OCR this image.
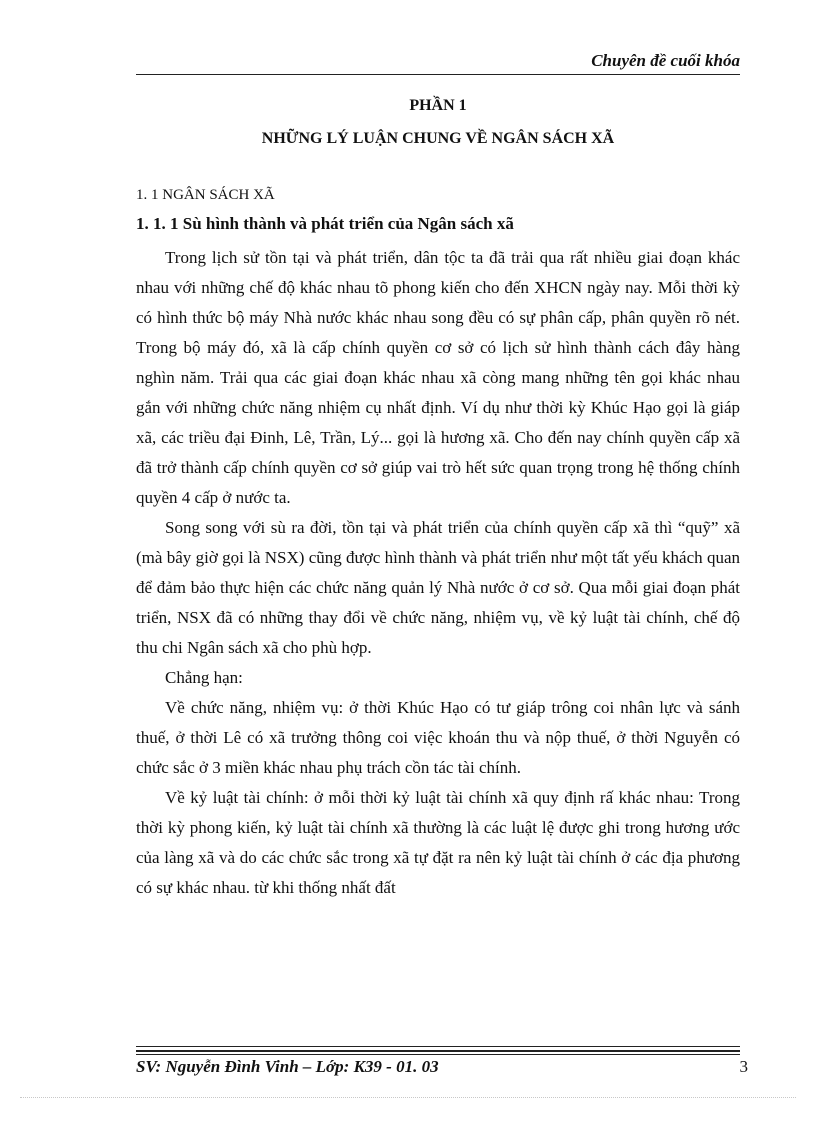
Chuyên đề cuối khóa
PHẦN 1
NHỮNG LÝ LUẬN CHUNG VỀ NGÂN SÁCH XÃ
1. 1 NGÂN SÁCH XÃ
1. 1. 1 Sù hình thành và phát triển của Ngân sách xã

Trong lịch sử tồn tại và phát triển, dân tộc ta đã trải qua rất nhiều giai đoạn khác nhau với những chế độ khác nhau tõ phong kiến cho đến XHCN ngày nay. Mỗi thời kỳ có hình thức bộ máy Nhà nước khác nhau song đều có sự phân cấp, phân quyền rõ nét. Trong bộ máy đó, xã là cấp chính quyền cơ sở có lịch sử hình thành cách đây hàng nghìn năm. Trải qua các giai đoạn khác nhau xã còng mang những tên gọi khác nhau gắn với những chức năng nhiệm cụ nhất định. Ví dụ như thời kỳ Khúc Hạo gọi là giáp xã, các triều đại Đinh, Lê, Trần, Lý... gọi là hương xã. Cho đến nay chính quyền cấp xã đã trở thành cấp chính quyền cơ sở giúp vai trò hết sức quan trọng trong hệ thống chính quyền 4 cấp ở nước ta.

Song song với sù ra đời, tồn tại và phát triển của chính quyền cấp xã thì “quỹ” xã (mà bây giờ gọi là NSX) cũng được hình thành và phát triển như một tất yếu khách quan để đảm bảo thực hiện các chức năng quản lý Nhà nước ở cơ sở. Qua mỗi giai đoạn phát triển, NSX đã có những thay đổi về chức năng, nhiệm vụ, về kỷ luật tài chính, chế độ thu chi Ngân sách xã cho phù hợp.

Chẳng hạn:

Về chức năng, nhiệm vụ: ở thời Khúc Hạo có tư giáp trông coi nhân lực và sánh thuế, ở thời Lê có xã trưởng thông coi việc khoán thu và nộp thuế, ở thời Nguyễn có chức sắc ở 3 miền khác nhau phụ trách cồn tác tài chính.

Về kỷ luật tài chính: ở mỗi thời kỷ luật tài chính xã quy định rấ khác nhau: Trong thời kỳ phong kiến, kỷ luật tài chính xã thường là các luật lệ được ghi trong hương ước của làng xã và do các chức sắc trong xã tự đặt ra nên kỷ luật tài chính ở các địa phương có sự khác nhau. từ khi thống nhất đất

SV: Nguyễn Đình Vinh – Lớp: K39 - 01. 03	3
